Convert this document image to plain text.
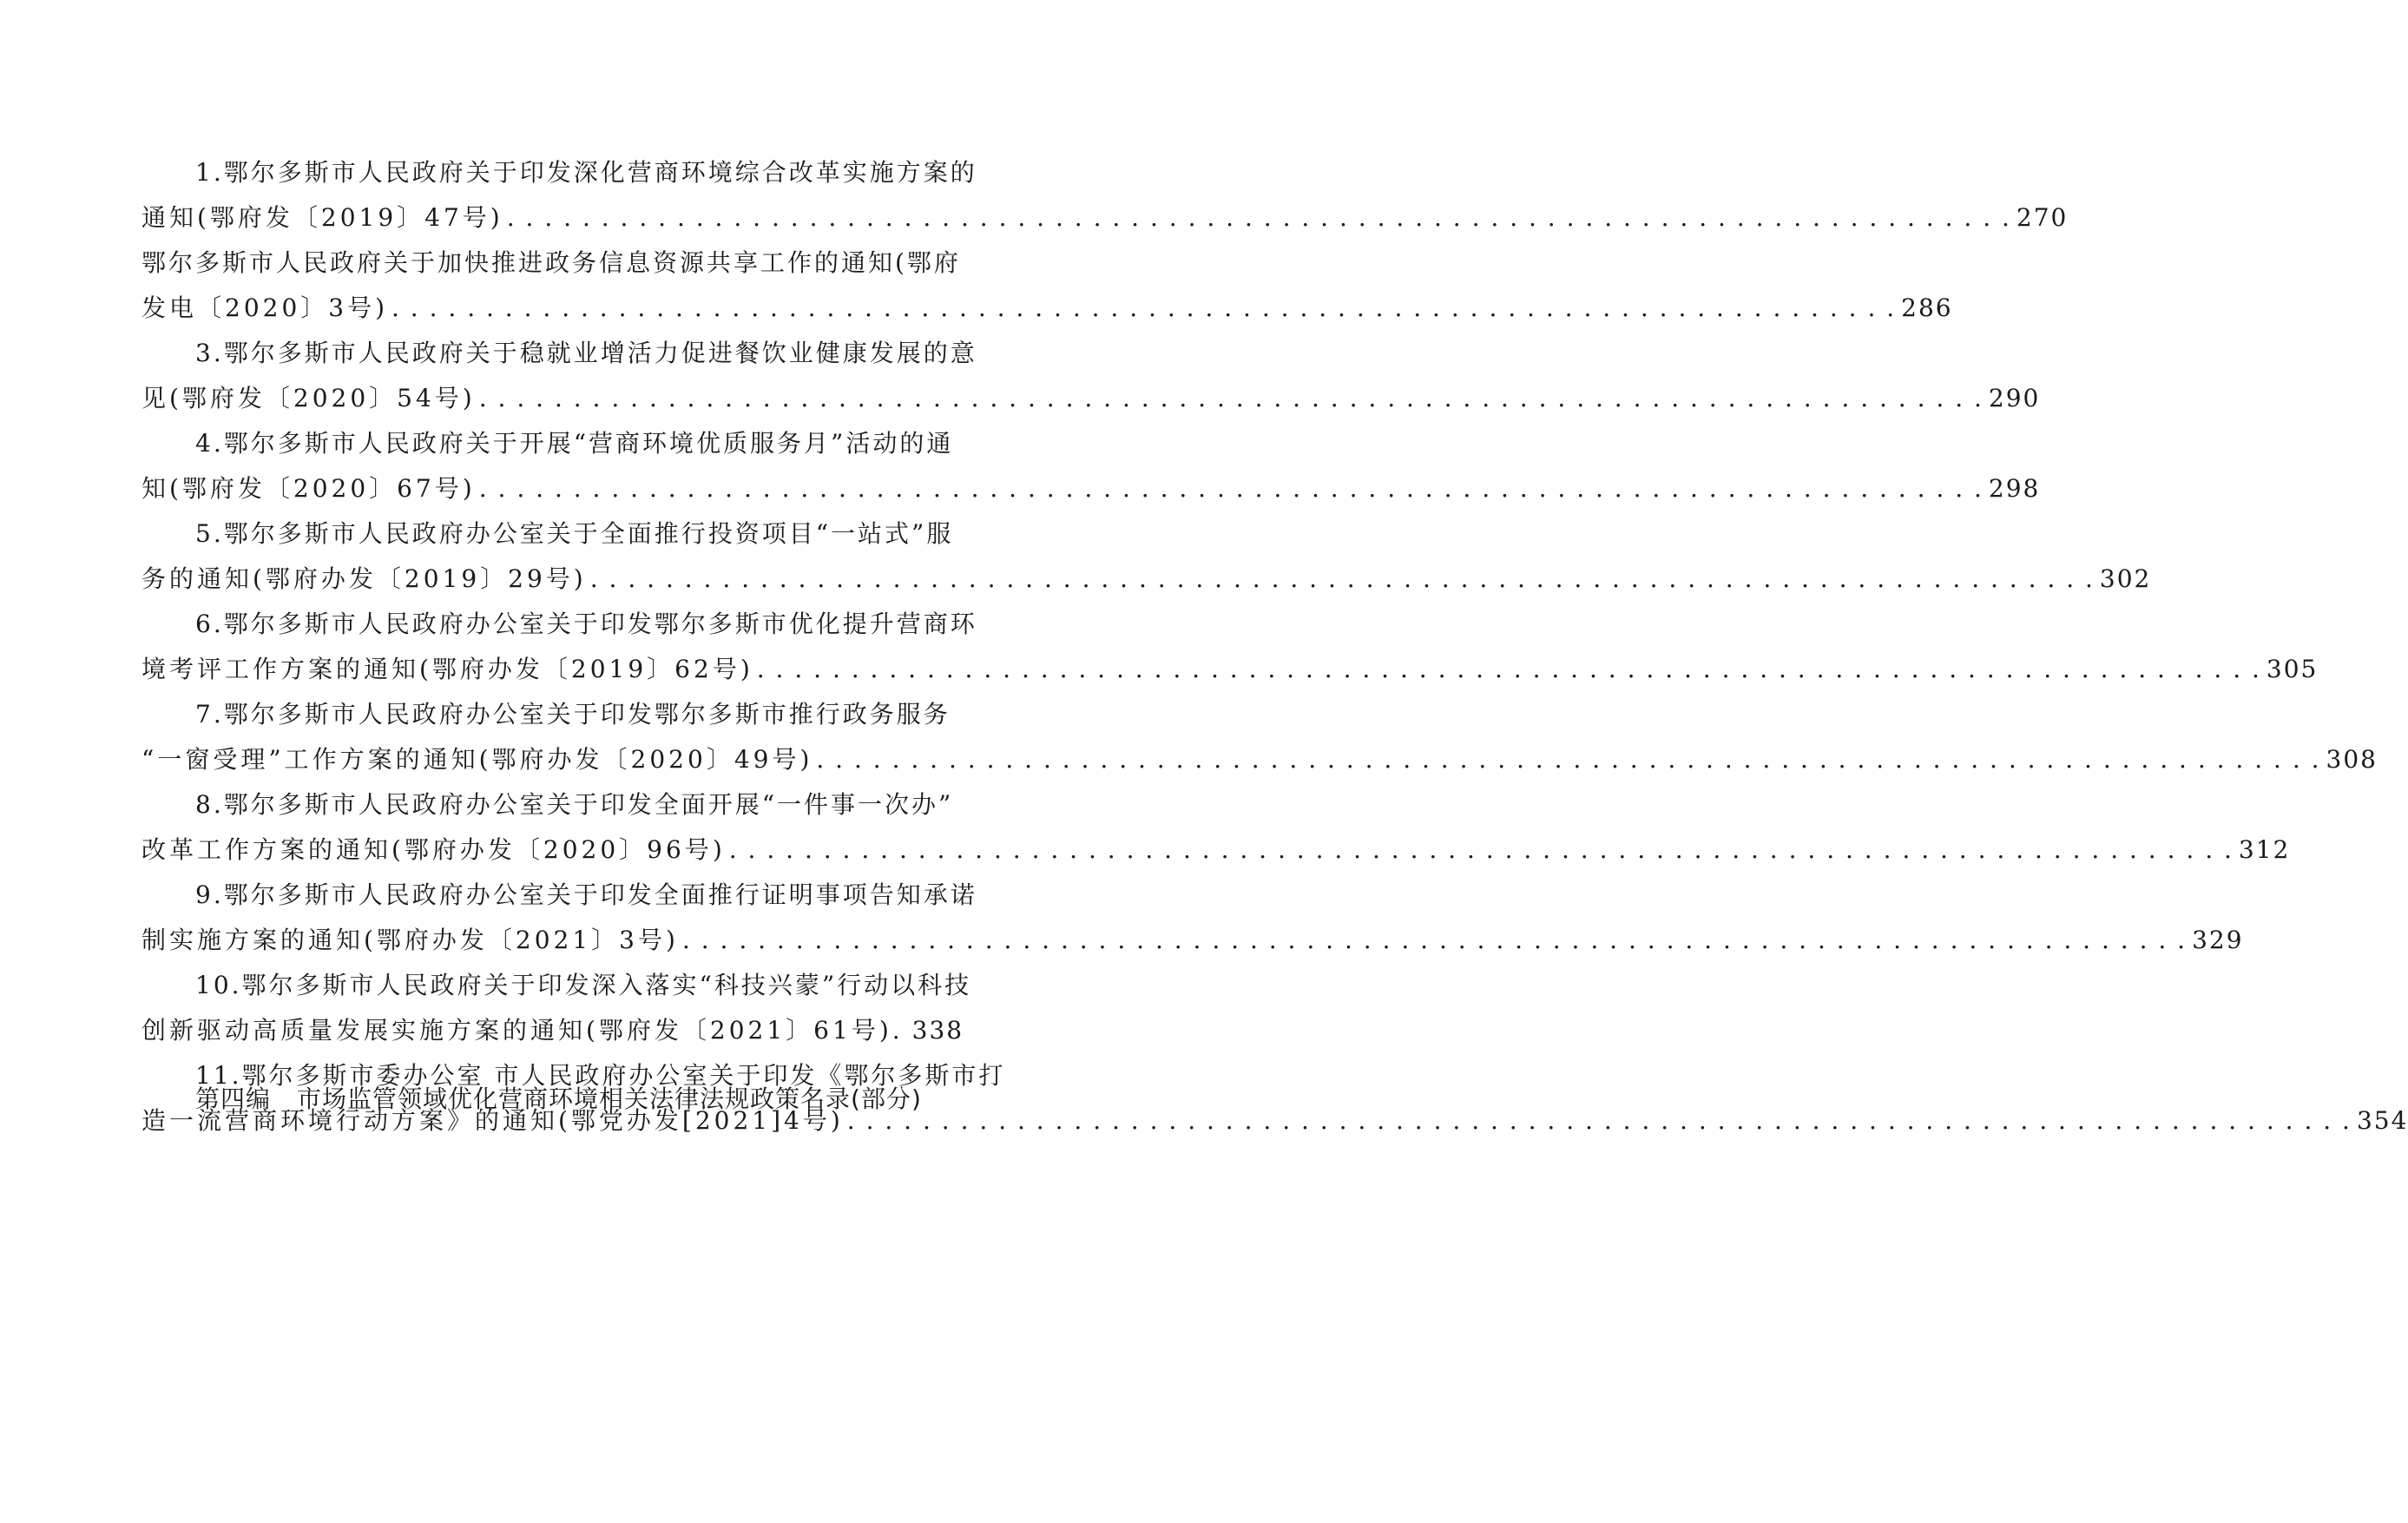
1.鄂尔多斯市人民政府关于印发深化营商环境综合改革实施方案的
通知(鄂府发〔2019〕47号) . . .	270
鄂尔多斯市人民政府关于加快推进政务信息资源共享工作的通知(鄂府
发电〔2020〕3号) . . .	286
3.鄂尔多斯市人民政府关于稳就业增活力促进餐饮业健康发展的意
见(鄂府发〔2020〕54号) . . .	290
4.鄂尔多斯市人民政府关于开展“营商环境优质服务月”活动的通
知(鄂府发〔2020〕67号) . . .	298
5.鄂尔多斯市人民政府办公室关于全面推行投资项目“一站式”服
务的通知(鄂府办发〔2019〕29号) . . .	302
6.鄂尔多斯市人民政府办公室关于印发鄂尔多斯市优化提升营商环
境考评工作方案的通知(鄂府办发〔2019〕62号) . . .	305
7.鄂尔多斯市人民政府办公室关于印发鄂尔多斯市推行政务服务
“一窗受理”工作方案的通知(鄂府办发〔2020〕49号) . . .	308
8.鄂尔多斯市人民政府办公室关于印发全面开展“一件事一次办”
改革工作方案的通知(鄂府办发〔2020〕96号) . . .	312
9.鄂尔多斯市人民政府办公室关于印发全面推行证明事项告知承诺
制实施方案的通知(鄂府办发〔2021〕3号) . . .	329
10.鄂尔多斯市人民政府关于印发深入落实“科技兴蒙”行动以科技
创新驱动高质量发展实施方案的通知(鄂府发〔2021〕61号). 338
11.鄂尔多斯市委办公室 市人民政府办公室关于印发《鄂尔多斯市打
造一流营商环境行动方案》的通知(鄂党办发[2021]4号) . . .	354
第四编 市场监管领域优化营商环境相关法律法规政策名录(部分)
